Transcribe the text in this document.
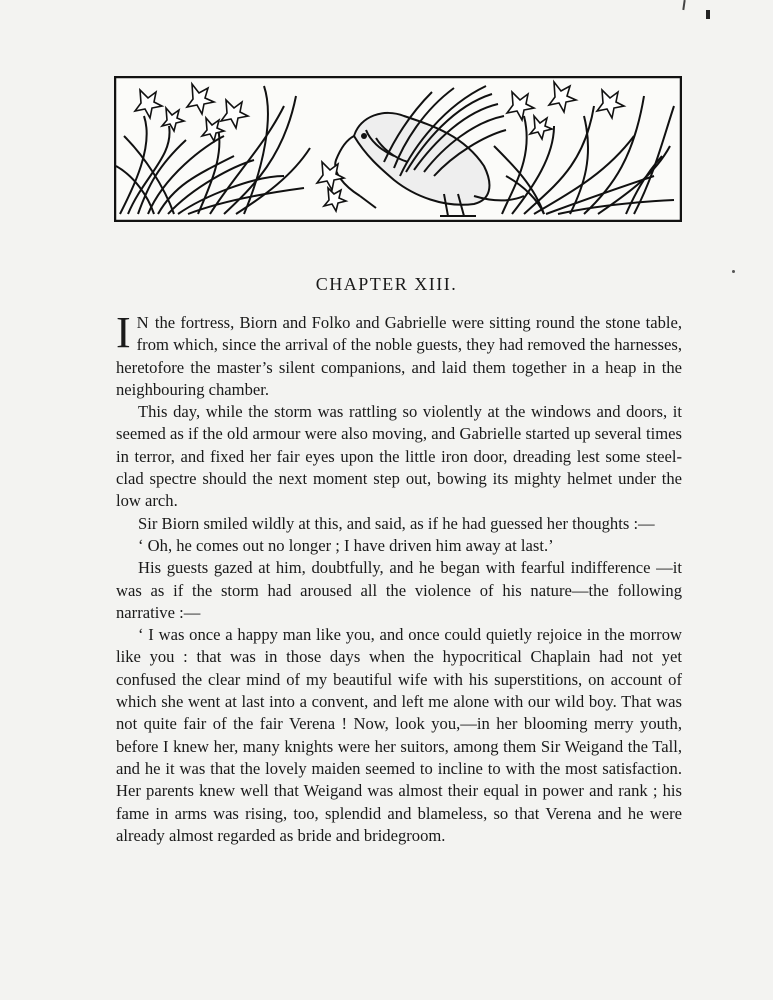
CHAPTER XIII.

I N the fortress, Biorn and Folko and Gabrielle were sitting round the stone table, from which, since the arrival of the noble guests, they had removed the harnesses, heretofore the master’s silent companions, and laid them together in a heap in the neighbouring chamber.

This day, while the storm was rattling so violently at the windows and doors, it seemed as if the old armour were also moving, and Gabrielle started up several times in terror, and fixed her fair eyes upon the little iron door, dreading lest some steel-clad spectre should the next moment step out, bowing its mighty helmet under the low arch.

Sir Biorn smiled wildly at this, and said, as if he had guessed her thoughts :—

‘ Oh, he comes out no longer ; I have driven him away at last.’

His guests gazed at him, doubtfully, and he began with fearful indifference —it was as if the storm had aroused all the violence of his nature—the following narrative :—

‘ I was once a happy man like you, and once could quietly rejoice in the morrow like you : that was in those days when the hypocritical Chaplain had not yet confused the clear mind of my beautiful wife with his superstitions, on account of which she went at last into a convent, and left me alone with our wild boy. That was not quite fair of the fair Verena ! Now, look you,—in her blooming merry youth, before I knew her, many knights were her suitors, among them Sir Weigand the Tall, and he it was that the lovely maiden seemed to incline to with the most satisfaction. Her parents knew well that Weigand was almost their equal in power and rank ; his fame in arms was rising, too, splendid and blameless, so that Verena and he were already almost regarded as bride and bridegroom.
